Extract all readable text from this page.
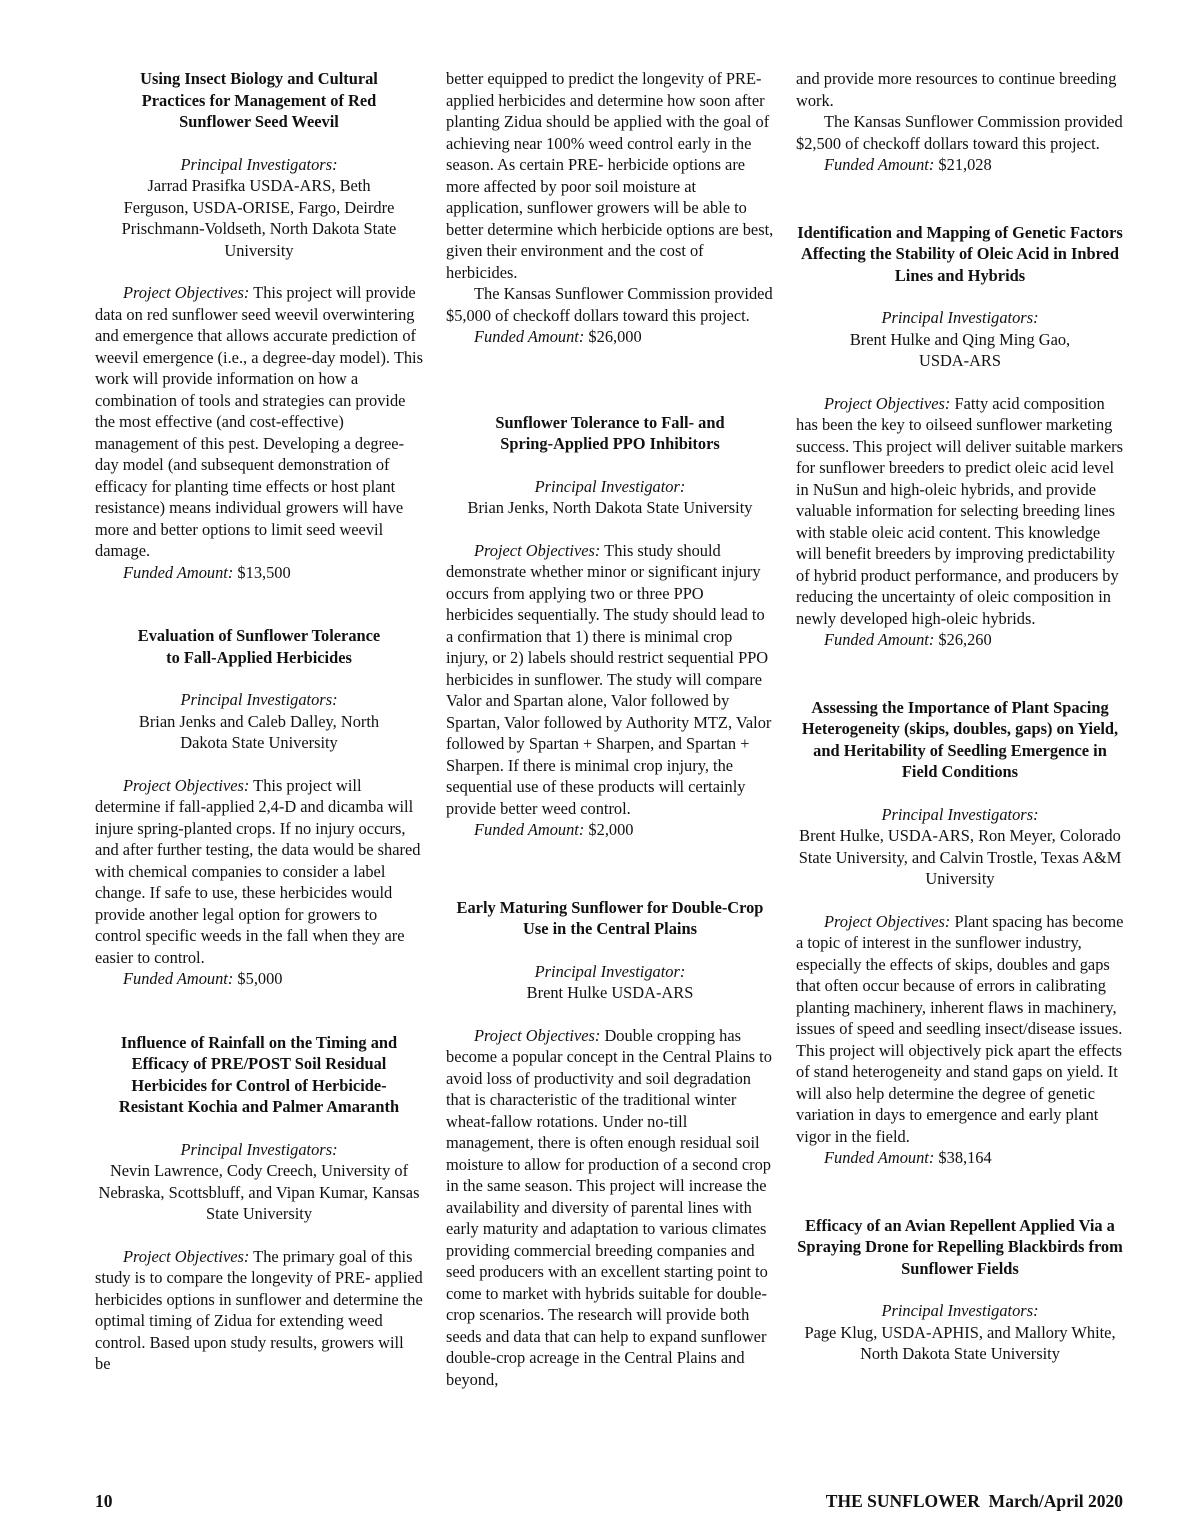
Using Insect Biology and Cultural Practices for Management of Red Sunflower Seed Weevil
Principal Investigators:
Jarrad Prasifka USDA-ARS, Beth Ferguson, USDA-ORISE, Fargo, Deirdre Prischmann-Voldseth, North Dakota State University

Project Objectives: This project will provide data on red sunflower seed weevil overwintering and emergence that allows accurate prediction of weevil emergence (i.e., a degree-day model). This work will provide information on how a combination of tools and strategies can provide the most effective (and cost-effective) management of this pest. Developing a degree-day model (and subsequent demonstration of efficacy for planting time effects or host plant resistance) means individual growers will have more and better options to limit seed weevil damage.

Funded Amount: $13,500

Evaluation of Sunflower Tolerance to Fall-Applied Herbicides
Principal Investigators:
Brian Jenks and Caleb Dalley, North Dakota State University

Project Objectives: This project will determine if fall-applied 2,4-D and dicamba will injure spring-planted crops. If no injury occurs, and after further testing, the data would be shared with chemical companies to consider a label change. If safe to use, these herbicides would provide another legal option for growers to control specific weeds in the fall when they are easier to control.

Funded Amount: $5,000

Influence of Rainfall on the Timing and Efficacy of PRE/POST Soil Residual Herbicides for Control of Herbicide-Resistant Kochia and Palmer Amaranth
Principal Investigators:
Nevin Lawrence, Cody Creech, University of Nebraska, Scottsbluff, and Vipan Kumar, Kansas State University

Project Objectives: The primary goal of this study is to compare the longevity of PRE- applied herbicides options in sunflower and determine the optimal timing of Zidua for extending weed control. Based upon study results, growers will be

better equipped to predict the longevity of PRE- applied herbicides and determine how soon after planting Zidua should be applied with the goal of achieving near 100% weed control early in the season. As certain PRE- herbicide options are more affected by poor soil moisture at application, sunflower growers will be able to better determine which herbicide options are best, given their environment and the cost of herbicides.

The Kansas Sunflower Commission provided $5,000 of checkoff dollars toward this project.

Funded Amount: $26,000

Sunflower Tolerance to Fall- and Spring-Applied PPO Inhibitors
Principal Investigator:
Brian Jenks, North Dakota State University

Project Objectives: This study should demonstrate whether minor or significant injury occurs from applying two or three PPO herbicides sequentially. The study should lead to a confirmation that 1) there is minimal crop injury, or 2) labels should restrict sequential PPO herbicides in sunflower. The study will compare Valor and Spartan alone, Valor followed by Spartan, Valor followed by Authority MTZ, Valor followed by Spartan + Sharpen, and Spartan + Sharpen. If there is minimal crop injury, the sequential use of these products will certainly provide better weed control.

Funded Amount: $2,000

Early Maturing Sunflower for Double-Crop Use in the Central Plains
Principal Investigator:
Brent Hulke USDA-ARS

Project Objectives: Double cropping has become a popular concept in the Central Plains to avoid loss of productivity and soil degradation that is characteristic of the traditional winter wheat-fallow rotations. Under no-till management, there is often enough residual soil moisture to allow for production of a second crop in the same season. This project will increase the availability and diversity of parental lines with early maturity and adaptation to various climates providing commercial breeding companies and seed producers with an excellent starting point to come to market with hybrids suitable for double-crop scenarios. The research will provide both seeds and data that can help to expand sunflower double-crop acreage in the Central Plains and beyond,

and provide more resources to continue breeding work.

The Kansas Sunflower Commission provided $2,500 of checkoff dollars toward this project.

Funded Amount: $21,028

Identification and Mapping of Genetic Factors Affecting the Stability of Oleic Acid in Inbred Lines and Hybrids
Principal Investigators:
Brent Hulke and Qing Ming Gao, USDA-ARS

Project Objectives: Fatty acid composition has been the key to oilseed sunflower marketing success. This project will deliver suitable markers for sunflower breeders to predict oleic acid level in NuSun and high-oleic hybrids, and provide valuable information for selecting breeding lines with stable oleic acid content. This knowledge will benefit breeders by improving predictability of hybrid product performance, and producers by reducing the uncertainty of oleic composition in newly developed high-oleic hybrids.

Funded Amount: $26,260

Assessing the Importance of Plant Spacing Heterogeneity (skips, doubles, gaps) on Yield, and Heritability of Seedling Emergence in Field Conditions
Principal Investigators:
Brent Hulke, USDA-ARS, Ron Meyer, Colorado State University, and Calvin Trostle, Texas A&M University

Project Objectives: Plant spacing has become a topic of interest in the sunflower industry, especially the effects of skips, doubles and gaps that often occur because of errors in calibrating planting machinery, inherent flaws in machinery, issues of speed and seedling insect/disease issues. This project will objectively pick apart the effects of stand heterogeneity and stand gaps on yield. It will also help determine the degree of genetic variation in days to emergence and early plant vigor in the field.

Funded Amount: $38,164

Efficacy of an Avian Repellent Applied Via a Spraying Drone for Repelling Blackbirds from Sunflower Fields
Principal Investigators:
Page Klug, USDA-APHIS, and Mallory White, North Dakota State University
10	THE SUNFLOWER  March/April 2020
